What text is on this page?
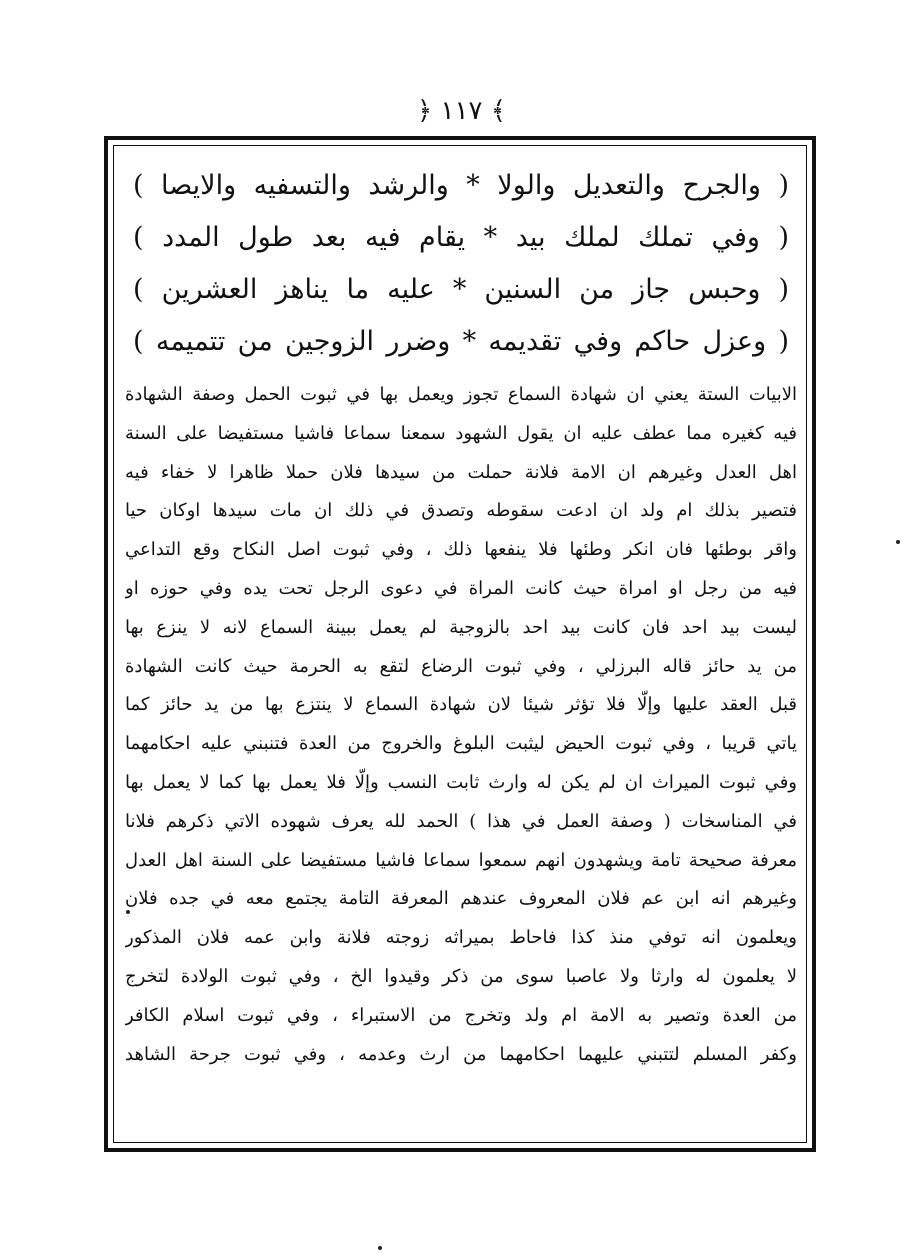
﴾ ١١٧ ﴿
( والجرح والتعديل والولا * والرشد والتسفيه والايصا )
( وفي تملك لملك بيد * يقام فيه بعد طول المدد )
( وحبس جاز من السنين * عليه ما يناهز العشرين )
( وعزل حاكم وفي تقديمه * وضرر الزوجين من تتميمه )
الابيات الستة يعني ان شهادة السماع تجوز ويعمل بها في ثبوت الحمل وصفة الشهادة
فيه كغيره مما عطف عليه ان يقول الشهود سمعنا سماعا فاشيا مستفيضا على السنة
اهل العدل وغيرهم ان الامة فلانة حملت من سيدها فلان حملا ظاهرا لا خفاء فيه
فتصير بذلك ام ولد ان ادعت سقوطه وتصدق في ذلك ان مات سيدها اوكان حيا
واقر بوطئها فان انكر وطئها فلا ينفعها ذلك ، وفي ثبوت اصل النكاح وقع التداعي
فيه من رجل او امراة حيث كانت المراة في دعوى الرجل تحت يده وفي حوزه او
ليست بيد احد فان كانت بيد احد بالزوجية لم يعمل ببينة السماع لانه لا ينزع بها
من يد حائز قاله البرزلي ، وفي ثبوت الرضاع لتقع به الحرمة حيث كانت الشهادة
قبل العقد عليها وإلّا فلا تؤثر شيئا لان شهادة السماع لا ينتزع بها من يد حائز كما
ياتي قريبا ، وفي ثبوت الحيض ليثبت البلوغ والخروج من العدة فتنبني عليه احكامهما
وفي ثبوت الميراث ان لم يكن له وارث ثابت النسب وإلّا فلا يعمل بها كما لا يعمل بها
في المناسخات ( وصفة العمل في هذا ) الحمد لله يعرف شهوده الاتي ذكرهم فلانا
معرفة صحيحة تامة ويشهدون انهم سمعوا سماعا فاشيا مستفيضا على السنة اهل العدل
وغيرهم انه ابن عم فلان المعروف عندهم المعرفة التامة يجتمع معه في جده فلان
ويعلمون انه توفي منذ كذا فاحاط بميراثه زوجته فلانة وابن عمه فلان المذكور
لا يعلمون له وارثا ولا عاصبا سوى من ذكر وقيدوا الخ ، وفي ثبوت الولادة لتخرج
من العدة وتصير به الامة ام ولد وتخرج من الاستبراء ، وفي ثبوت اسلام الكافر
وكفر المسلم لتتبني عليهما احكامهما من ارث وعدمه ، وفي ثبوت جرحة الشاهد
